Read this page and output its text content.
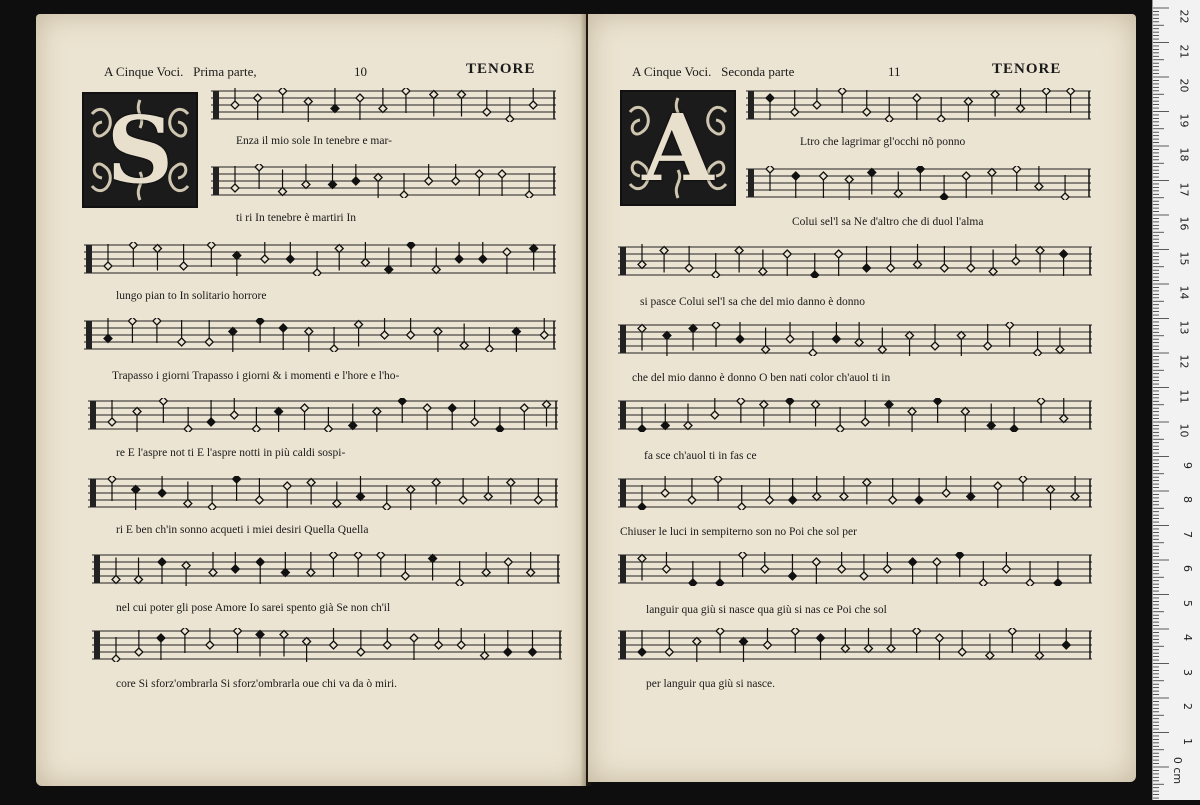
A Cinque Voci. Prima parte,	10	TENORE
S	Enza il mio sole In tenebre e mar-
ti ri In tenebre è martiri In
lungo pian to In solitario horrore
Trapasso i giorni Trapasso i giorni & i momenti e l'hore e l'ho-
re E l'aspre not ti E l'aspre notti in più caldi sospi-
ri E ben ch'in sonno acqueti i miei desiri Quella Quella
nel cui poter gli pose Amore Io sarei spento già Se non ch'il
core Si sforz'ombrarla Si sforz'ombrarla oue chi va da ò miri.
A Cinque Voci. Seconda parte	11	TENORE
A	Ltro che lagrimar gl'occhi nõ ponno
Colui sel'l sa Ne d'altro che di duol l'alma
si pasce Colui sel'l sa che del mio danno è donno
che del mio danno è donno O ben nati color ch'auol ti in
fa sce ch'auol ti in fas ce
Chiuser le luci in sempiterno son no Poi che sol per
languir qua giù si nasce qua giù si nas ce Poi che sol
per languir qua giù si nasce.
22
21
20
19
18
17
16
15
14
13
12
11
10
9
8
7
6
5
4
3
2
1
0 cm
